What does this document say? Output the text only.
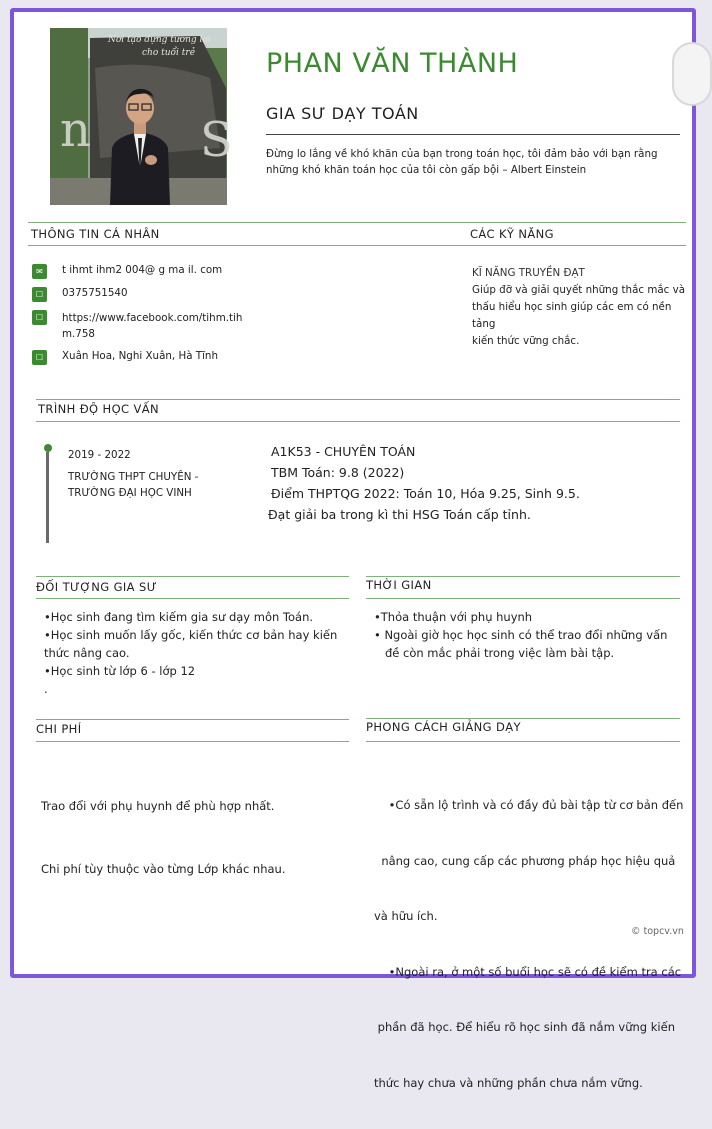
n S
Nơi tạo dựng tương lai
cho tuổi trẻ	PHAN VĂN THÀNH
GIA SƯ DẠY TOÁN
Đừng lo lắng về khó khăn của bạn trong toán học, tôi đảm bảo với bạn rằng
những khó khăn toán học của tôi còn gấp bội – Albert Einstein
THÔNG TIN CÁ NHÂN	CÁC KỸ NĂNG
✉	t ihmt ihm2 004@ g ma il. com
☐	0375751540
☐	https://www.facebook.com/tihm.tih
m.758
☐	Xuân Hoa, Nghi Xuân, Hà Tĩnh
KĨ NĂNG TRUYỀN ĐẠT
Giúp đỡ và giải quyết những thắc mắc và
thấu hiểu học sinh giúp các em có nền tảng
kiến thức vững chắc.
TRÌNH ĐỘ HỌC VẤN
2019 - 2022
TRƯỜNG THPT CHUYÊN -
TRƯỜNG ĐẠI HỌC VINH
A1K53 - CHUYÊN TOÁN
TBM Toán: 9.8 (2022)
Điểm THPTQG 2022: Toán 10, Hóa 9.25, Sinh 9.5.
Đạt giải ba trong kì thi HSG Toán cấp tỉnh.
ĐỐI TƯỢNG GIA SƯ
•Học sinh đang tìm kiếm gia sư dạy môn Toán.
•Học sinh muốn lấy gốc, kiến thức cơ bản hay kiến
thức nâng cao.
•Học sinh từ lớp 6 - lớp 12
.
THỜI GIAN
•Thỏa thuận với phụ huynh
• Ngoài giờ học học sinh có thể trao đổi những vấn
đề còn mắc phải trong việc làm bài tập.
CHI PHÍ

Trao đổi với phụ huynh để phù hợp nhất.

Chi phí tùy thuộc vào từng Lớp khác nhau.

PHONG CÁCH GIẢNG DẠY

•Có sẵn lộ trình và có đầy đủ bài tập từ cơ bản đến

nâng cao, cung cấp các phương pháp học hiệu quả

và hữu ích.

•Ngoài ra, ở một số buổi học sẽ có đề kiểm tra các

phần đã học. Để hiểu rõ học sinh đã nắm vững kiến

thức hay chưa và những phần chưa nắm vững.

© topcv.vn
